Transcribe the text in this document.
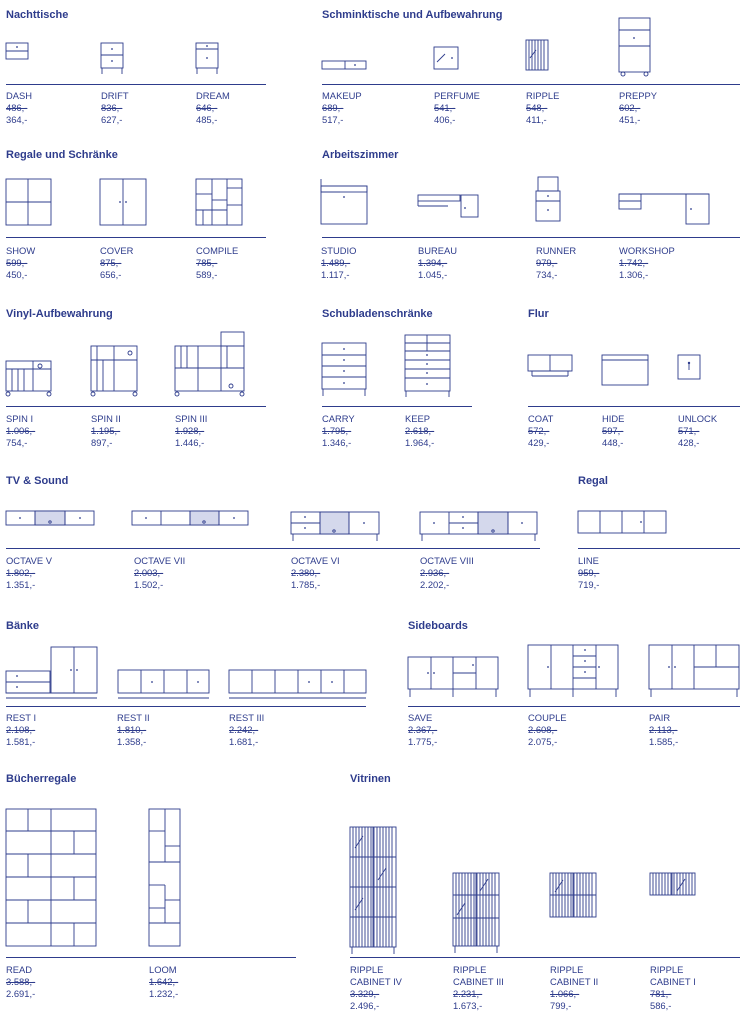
Nachttische	Schminktische und Aufbewahrung
Regale und Schränke	Arbeitszimmer
Vinyl-Aufbewahrung	Schubladenschränke	Flur
TV & Sound	Regal
Bänke	Sideboards
Bücherregale	Vitrinen
DASH
486,-
364,-
DRIFT
836,-
627,-
DREAM
646,-
485,-
MAKEUP
689,-
517,-
PERFUME
541,-
406,-
RIPPLE
548,-
411,-
PREPPY
602,-
451,-
SHOW
599,-
450,-
COVER
875,-
656,-
COMPILE
785,-
589,-
STUDIO
1.489,-
1.117,-
BUREAU
1.394,-
1.045,-
RUNNER
979,-
734,-
WORKSHOP
1.742,-
1.306,-
SPIN I
1.006,-
754,-
SPIN II
1.195,-
897,-
SPIN III
1.928,-
1.446,-
CARRY
1.795,-
1.346,-
KEEP
2.618,-
1.964,-
COAT
572,-
429,-
HIDE
597,-
448,-
UNLOCK
571,-
428,-
OCTAVE V
1.802,-
1.351,-
OCTAVE VII
2.003,-
1.502,-
OCTAVE VI
2.380,-
1.785,-
OCTAVE VIII
2.936,-
2.202,-
LINE
959,-
719,-
REST I
2.108,-
1.581,-
REST II
1.810,-
1.358,-
REST III
2.242,-
1.681,-
SAVE
2.367,-
1.775,-
COUPLE
2.608,-
2.075,-
PAIR
2.113,-
1.585,-
READ
3.588,-
2.691,-
LOOM
1.642,-
1.232,-
RIPPLE
CABINET IV
3.329,-
2.496,-
RIPPLE
CABINET III
2.231,-
1.673,-
RIPPLE
CABINET II
1.066,-
799,-
RIPPLE
CABINET I
781,-
586,-
